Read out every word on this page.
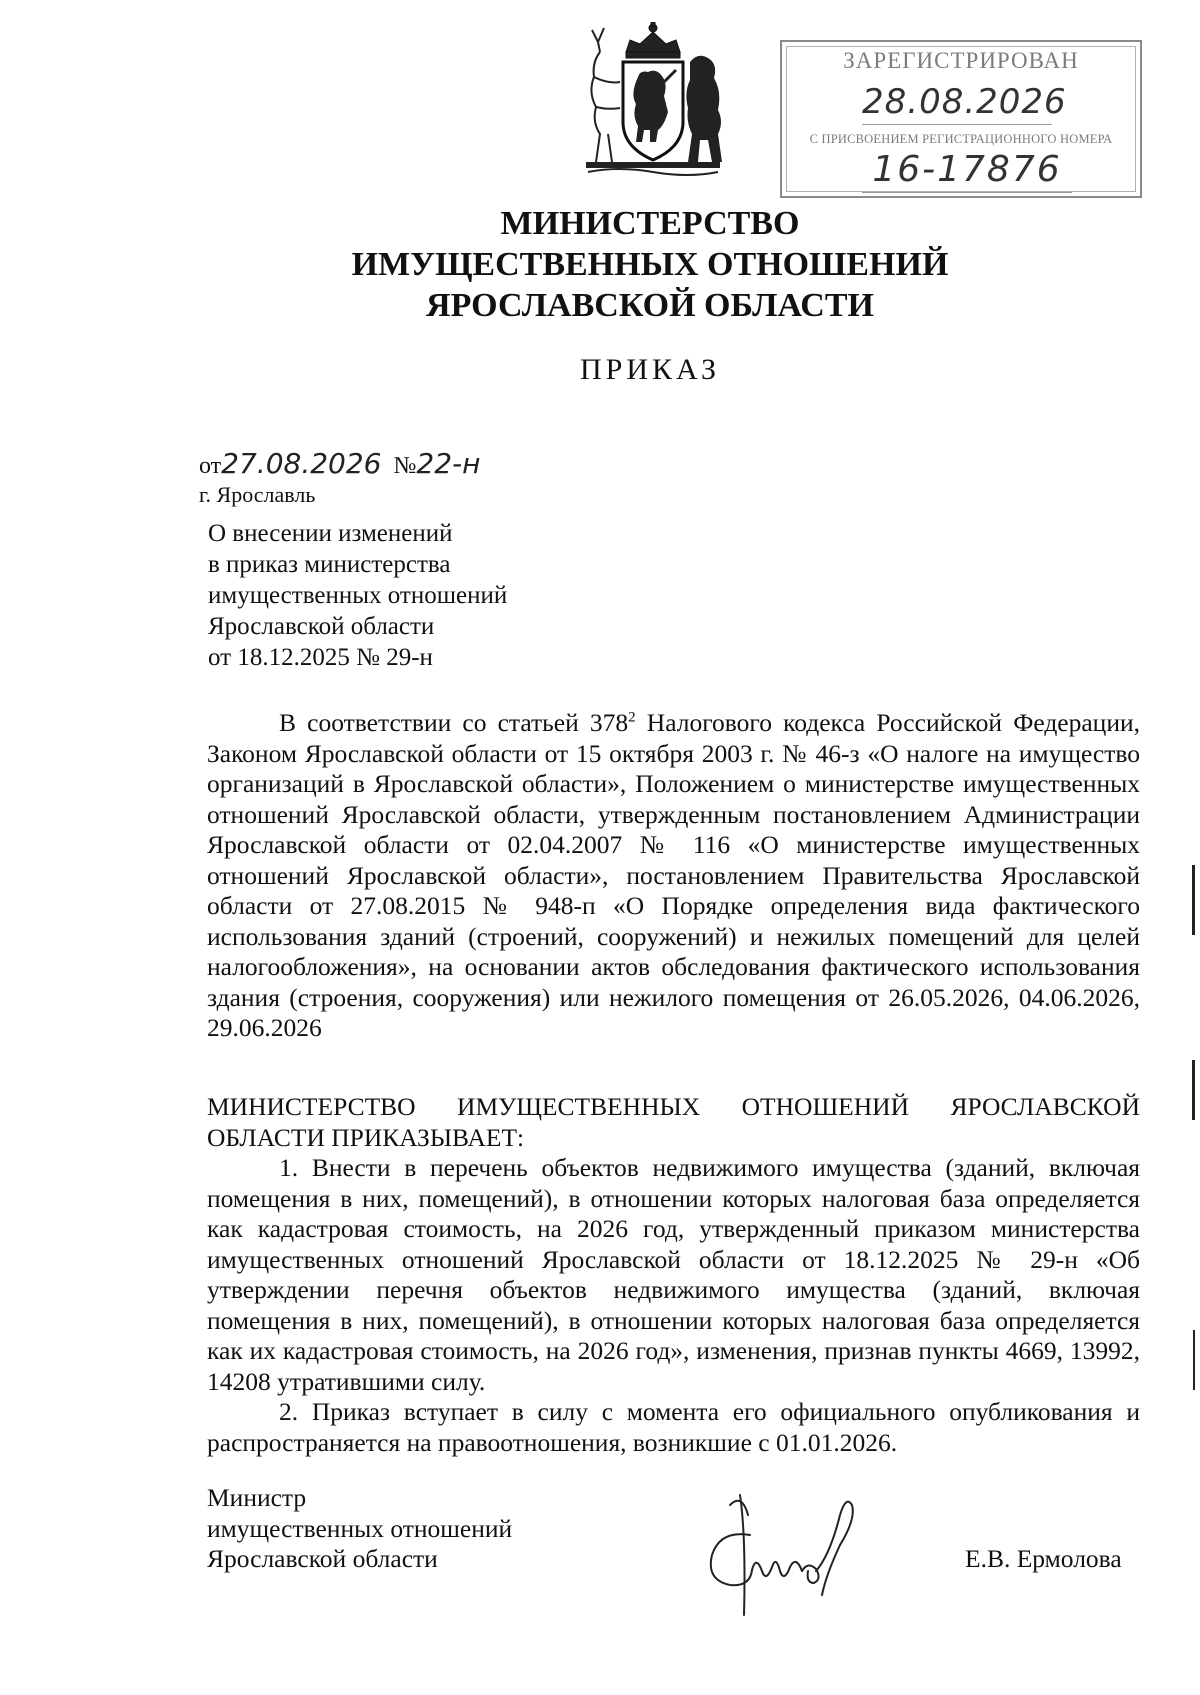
ЗАРЕГИСТРИРОВАН
28.08.2026
С ПРИСВОЕНИЕМ РЕГИСТРАЦИОННОГО НОМЕРА
16-17876
МИНИСТЕРСТВО
ИМУЩЕСТВЕННЫХ ОТНОШЕНИЙ
ЯРОСЛАВСКОЙ ОБЛАСТИ
ПРИКАЗ
от27.08.2026 №22-н
г. Ярославль
О внесении изменений
в приказ министерства
имущественных отношений
Ярославской области
от 18.12.2025 № 29-н

В соответствии со статьей $378^2$ Налогового кодекса Российской Федерации, Законом Ярославской области от 15 октября 2003 г. № 46-з «О налоге на имущество организаций в Ярославской области», Положением о министерстве имущественных отношений Ярославской области, утвержденным постановлением Администрации Ярославской области от 02.04.2007 № 116 «О министерстве имущественных отношений Ярославской области», постановлением Правительства Ярославской области от 27.08.2015 № 948-п «О Порядке определения вида фактического использования зданий (строений, сооружений) и нежилых помещений для целей налогообложения», на основании актов обследования фактического использования здания (строения, сооружения) или нежилого помещения от 26.05.2026, 04.06.2026, 29.06.2026

МИНИСТЕРСТВО ИМУЩЕСТВЕННЫХ ОТНОШЕНИЙ ЯРОСЛАВСКОЙ ОБЛАСТИ ПРИКАЗЫВАЕТ:

1. Внести в перечень объектов недвижимого имущества (зданий, включая помещения в них, помещений), в отношении которых налоговая база определяется как кадастровая стоимость, на 2026 год, утвержденный приказом министерства имущественных отношений Ярославской области от 18.12.2025 № 29-н «Об утверждении перечня объектов недвижимого имущества (зданий, включая помещения в них, помещений), в отношении которых налоговая база определяется как их кадастровая стоимость, на 2026 год», изменения, признав пункты 4669, 13992, 14208 утратившими силу.

2. Приказ вступает в силу с момента его официального опубликования и распространяется на правоотношения, возникшие с 01.01.2026.

Министр
имущественных отношений
Ярославской области	Е.В. Ермолова
